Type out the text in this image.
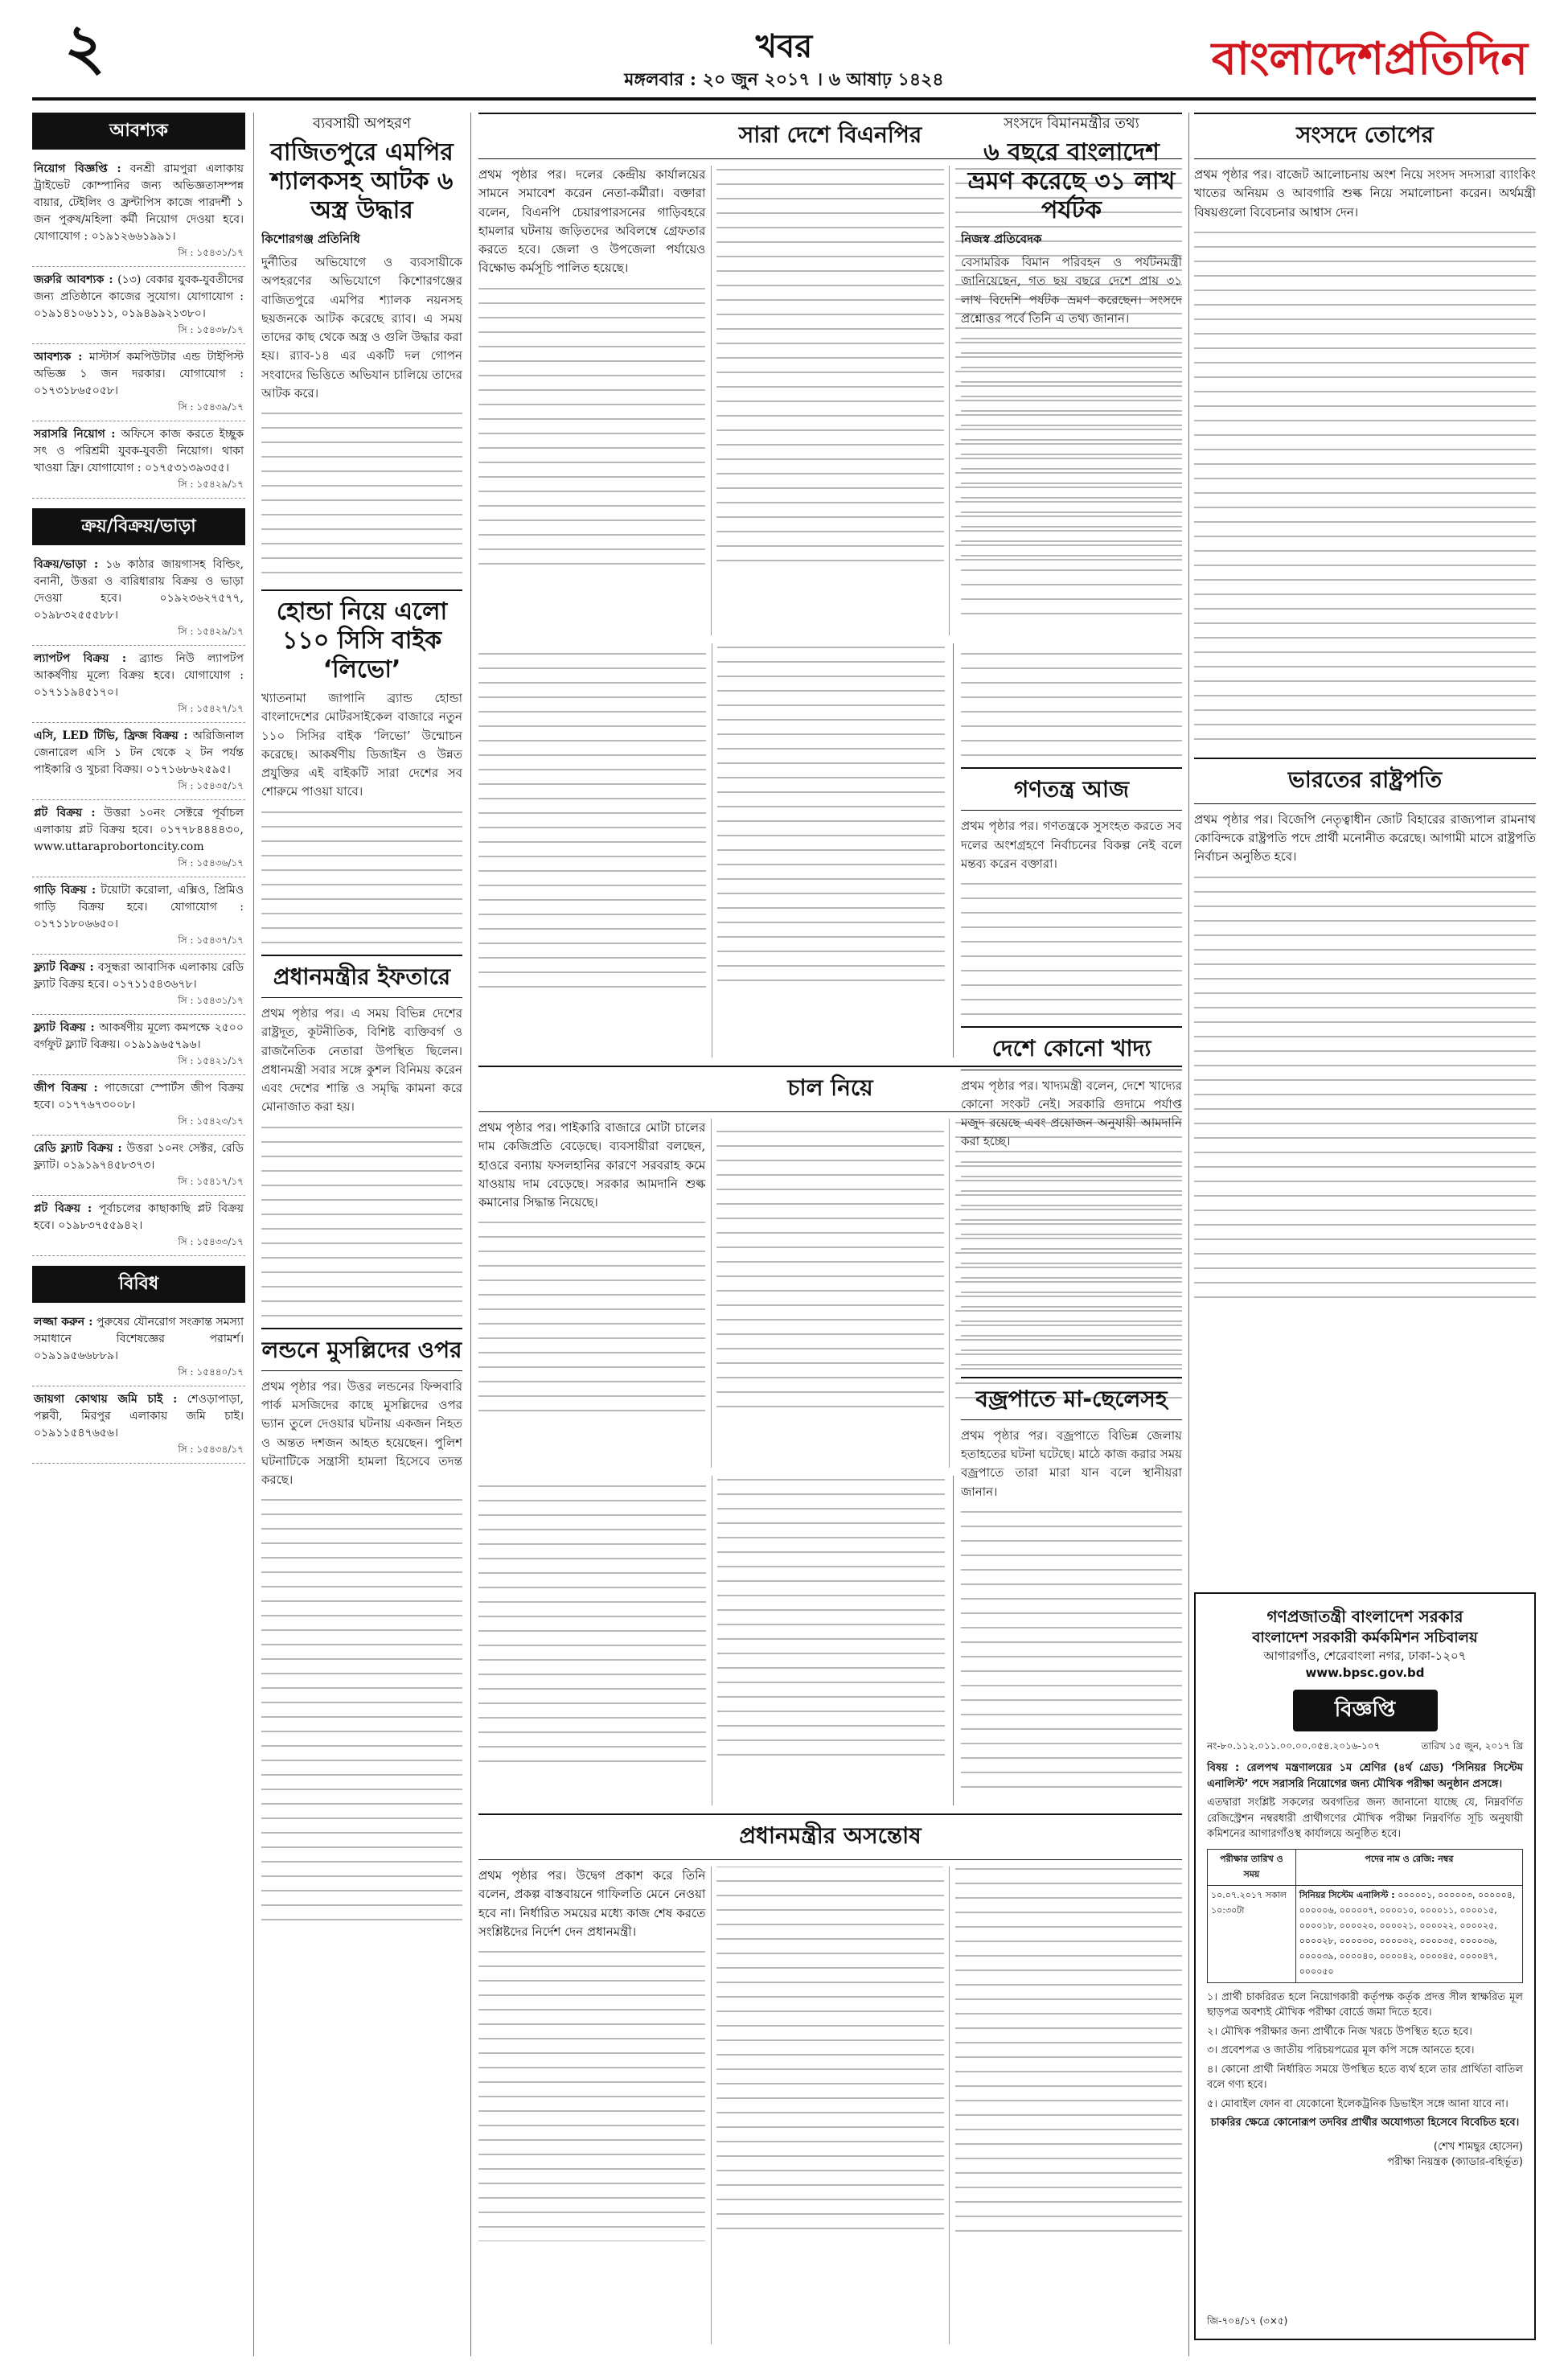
২	খবর
মঙ্গলবার : ২০ জুন ২০১৭ । ৬ আষাঢ় ১৪২৪	বাংলাদেশপ্রতিদিন
আবশ্যক
নিয়োগ বিজ্ঞপ্তি : বনশ্রী রামপুরা এলাকায় ট্রাইভেট কোম্পানির জন্য অভিজ্ঞতাসম্পন্ন বায়ার, টেইলিং ও ফ্রন্টাপিস কাজে পারদর্শী ১ জন পুরুষ/মহিলা কর্মী নিয়োগ দেওয়া হবে। যোগাযোগ : ০১৯১২৬৬১৯৯১।
সি : ১৫৪৩১/১৭
জরুরি আবশ্যক : (১৩) বেকার যুবক-যুবতীদের জন্য প্রতিষ্ঠানে কাজের সুযোগ। যোগাযোগ : ০১৯১৪১০৬১১১, ০১৯৪৯৯২১৩৮০।
সি : ১৫৪৩৮/১৭
আবশ্যক : মাস্টার্স কমপিউটার এন্ড টাইপিস্ট অভিজ্ঞ ১ জন দরকার। যোগাযোগ : ০১৭৩১৮৬৫০৫৮।
সি : ১৫৪৩৯/১৭
সরাসরি নিয়োগ : অফিসে কাজ করতে ইচ্ছুক সৎ ও পরিশ্রমী যুবক-যুবতী নিয়োগ। থাকা খাওয়া ফ্রি। যোগাযোগ : ০১৭৫৩১৩৯৩৫৫।
সি : ১৫৪২৯/১৭
ক্রয়/বিক্রয়/ভাড়া
বিক্রয়/ভাড়া : ১৬ কাঠার জায়গাসহ বিল্ডিং, বনানী, উত্তরা ও বারিধারায় বিক্রয় ও ভাড়া দেওয়া হবে। ০১৯২৩৬২৭৫৭৭, ০১৯৮৩২৫৫৫৮৮।
সি : ১৫৪২৯/১৭
ল্যাপটপ বিক্রয় : ব্র্যান্ড নিউ ল্যাপটপ আকর্ষণীয় মূল্যে বিক্রয় হবে। যোগাযোগ : ০১৭১১৯৪৫১৭০।
সি : ১৫৪২৭/১৭
এসি, LED টিভি, ফ্রিজ বিক্রয় : অরিজিনাল জেনারেল এসি ১ টন থেকে ২ টন পর্যন্ত পাইকারি ও খুচরা বিক্রয়। ০১৭১৬৮৬২৫৯৫।
সি : ১৫৪৩৫/১৭
প্লট বিক্রয় : উত্তরা ১০নং সেক্টরে পূর্বাচল এলাকায় প্লট বিক্রয় হবে। ০১৭৭৮৪৪৪৪৩০, www.uttaraprobortoncity.com
সি : ১৫৪৩৬/১৭
গাড়ি বিক্রয় : টয়োটা করোলা, এক্সিও, প্রিমিও গাড়ি বিক্রয় হবে। যোগাযোগ : ০১৭১১৮০৬৬৫০।
সি : ১৫৪৩৭/১৭
ফ্ল্যাট বিক্রয় : বসুন্ধরা আবাসিক এলাকায় রেডি ফ্ল্যাট বিক্রয় হবে। ০১৭১১৫৪৩৬৭৮।
সি : ১৫৪৩১/১৭
ফ্ল্যাট বিক্রয় : আকর্ষণীয় মূল্যে কমপক্ষে ২৫০০ বর্গফুট ফ্ল্যাট বিক্রয়। ০১৯১৯৬৫৭৯৬।
সি : ১৫৪২১/১৭
জীপ বিক্রয় : পাজেরো স্পোর্টস জীপ বিক্রয় হবে। ০১৭৭৬৭৩০০৮।
সি : ১৫৪২৩/১৭
রেডি ফ্ল্যাট বিক্রয় : উত্তরা ১০নং সেক্টর, রেডি ফ্ল্যাট। ০১৯১৯৭৪৫৮৩৭৩।
সি : ১৫৪১৭/১৭
প্লট বিক্রয় : পূর্বাচলের কাছাকাছি প্লট বিক্রয় হবে। ০১৯৮৩৭৫৫৯৪২।
সি : ১৫৪৩৩/১৭
বিবিধ
লজ্জা করুন : পুরুষের যৌনরোগ সংক্রান্ত সমস্যা সমাধানে বিশেষজ্ঞের পরামর্শ। ০১৯১৯৫৬৬৮৮৯।
সি : ১৫৪৪০/১৭
জায়গা কোথায় জমি চাই : শেওড়াপাড়া, পল্লবী, মিরপুর এলাকায় জমি চাই। ০১৯১১৫৪৭৬৫৬।
সি : ১৫৪৩৪/১৭
ব্যবসায়ী অপহরণ
বাজিতপুরে এমপির শ্যালকসহ আটক ৬ অস্ত্র উদ্ধার
কিশোরগঞ্জ প্রতিনিধি

দুর্নীতির অভিযোগে ও ব্যবসায়ীকে অপহরণের অভিযোগে কিশোরগঞ্জের বাজিতপুরে এমপির শ্যালক নয়নসহ ছয়জনকে আটক করেছে র‍্যাব। এ সময় তাদের কাছ থেকে অস্ত্র ও গুলি উদ্ধার করা হয়। র‍্যাব-১৪ এর একটি দল গোপন সংবাদের ভিত্তিতে অভিযান চালিয়ে তাদের আটক করে।

হোন্ডা নিয়ে এলো ১১০ সিসি বাইক ‘লিভো’

খ্যাতনামা জাপানি ব্র্যান্ড হোন্ডা বাংলাদেশের মোটরসাইকেল বাজারে নতুন ১১০ সিসির বাইক ‘লিভো’ উন্মোচন করেছে। আকর্ষণীয় ডিজাইন ও উন্নত প্রযুক্তির এই বাইকটি সারা দেশের সব শোরুমে পাওয়া যাবে।

প্রধানমন্ত্রীর ইফতারে

প্রথম পৃষ্ঠার পর। এ সময় বিভিন্ন দেশের রাষ্ট্রদূত, কূটনীতিক, বিশিষ্ট ব্যক্তিবর্গ ও রাজনৈতিক নেতারা উপস্থিত ছিলেন। প্রধানমন্ত্রী সবার সঙ্গে কুশল বিনিময় করেন এবং দেশের শান্তি ও সমৃদ্ধি কামনা করে মোনাজাত করা হয়।

লন্ডনে মুসল্লিদের ওপর

প্রথম পৃষ্ঠার পর। উত্তর লন্ডনের ফিন্সবারি পার্ক মসজিদের কাছে মুসল্লিদের ওপর ভ্যান তুলে দেওয়ার ঘটনায় একজন নিহত ও অন্তত দশজন আহত হয়েছেন। পুলিশ ঘটনাটিকে সন্ত্রাসী হামলা হিসেবে তদন্ত করছে।

সারা দেশে বিএনপির

প্রথম পৃষ্ঠার পর। দলের কেন্দ্রীয় কার্যালয়ের সামনে সমাবেশ করেন নেতা-কর্মীরা। বক্তারা বলেন, বিএনপি চেয়ারপারসনের গাড়িবহরে হামলার ঘটনায় জড়িতদের অবিলম্বে গ্রেফতার করতে হবে। জেলা ও উপজেলা পর্যায়েও বিক্ষোভ কর্মসূচি পালিত হয়েছে।

চাল নিয়ে

প্রথম পৃষ্ঠার পর। পাইকারি বাজারে মোটা চালের দাম কেজিপ্রতি বেড়েছে। ব্যবসায়ীরা বলছেন, হাওরে বন্যায় ফসলহানির কারণে সরবরাহ কমে যাওয়ায় দাম বেড়েছে। সরকার আমদানি শুল্ক কমানোর সিদ্ধান্ত নিয়েছে।

প্রধানমন্ত্রীর অসন্তোষ

প্রথম পৃষ্ঠার পর। উদ্বেগ প্রকাশ করে তিনি বলেন, প্রকল্প বাস্তবায়নে গাফিলতি মেনে নেওয়া হবে না। নির্ধারিত সময়ের মধ্যে কাজ শেষ করতে সংশ্লিষ্টদের নির্দেশ দেন প্রধানমন্ত্রী।

গণতন্ত্র আজ

প্রথম পৃষ্ঠার পর। গণতন্ত্রকে সুসংহত করতে সব দলের অংশগ্রহণে নির্বাচনের বিকল্প নেই বলে মন্তব্য করেন বক্তারা।

দেশে কোনো খাদ্য

প্রথম পৃষ্ঠার পর। খাদ্যমন্ত্রী বলেন, দেশে খাদ্যের কোনো সংকট নেই। সরকারি গুদামে পর্যাপ্ত মজুদ রয়েছে এবং প্রয়োজন অনুযায়ী আমদানি করা হচ্ছে।

বজ্রপাতে মা-ছেলেসহ

প্রথম পৃষ্ঠার পর। বজ্রপাতে বিভিন্ন জেলায় হতাহতের ঘটনা ঘটেছে। মাঠে কাজ করার সময় বজ্রপাতে তারা মারা যান বলে স্থানীয়রা জানান।

সংসদে বিমানমন্ত্রীর তথ্য
৬ বছরে বাংলাদেশ ভ্রমণ করেছে ৩১ লাখ পর্যটক
নিজস্ব প্রতিবেদক

বেসামরিক বিমান পরিবহন ও পর্যটনমন্ত্রী জানিয়েছেন, গত ছয় বছরে দেশে প্রায় ৩১ লাখ বিদেশি পর্যটক ভ্রমণ করেছেন। সংসদে প্রশ্নোত্তর পর্বে তিনি এ তথ্য জানান।

সংসদে তোপের

প্রথম পৃষ্ঠার পর। বাজেট আলোচনায় অংশ নিয়ে সংসদ সদস্যরা ব্যাংকিং খাতের অনিয়ম ও আবগারি শুল্ক নিয়ে সমালোচনা করেন। অর্থমন্ত্রী বিষয়গুলো বিবেচনার আশ্বাস দেন।

ভারতের রাষ্ট্রপতি

প্রথম পৃষ্ঠার পর। বিজেপি নেতৃত্বাধীন জোট বিহারের রাজ্যপাল রামনাথ কোবিন্দকে রাষ্ট্রপতি পদে প্রার্থী মনোনীত করেছে। আগামী মাসে রাষ্ট্রপতি নির্বাচন অনুষ্ঠিত হবে।

গণপ্রজাতন্ত্রী বাংলাদেশ সরকার
বাংলাদেশ সরকারী কর্মকমিশন সচিবালয়
আগারগাঁও, শেরেবাংলা নগর, ঢাকা-১২০৭
www.bpsc.gov.bd
বিজ্ঞপ্তি
নং-৮০.১১২.০১১.০০.০০.০৫৪.২০১৬-১০৭	তারিখ ১৫ জুন, ২০১৭ খ্রি
বিষয় : রেলপথ মন্ত্রণালয়ের ১ম শ্রেণির (৪র্থ গ্রেড) ‘সিনিয়র সিস্টেম এনালিস্ট’ পদে সরাসরি নিয়োগের জন্য মৌখিক পরীক্ষা অনুষ্ঠান প্রসঙ্গে।
এতদ্বারা সংশ্লিষ্ট সকলের অবগতির জন্য জানানো যাচ্ছে যে, নিম্নবর্ণিত রেজিস্ট্রেশন নম্বরধারী প্রার্থীগণের মৌখিক পরীক্ষা নিম্নবর্ণিত সূচি অনুযায়ী কমিশনের আগারগাঁওস্থ কার্যালয়ে অনুষ্ঠিত হবে।
পরীক্ষার তারিখ ও সময়	পদের নাম ও রেজি: নম্বর
১০.০৭.২০১৭ সকাল ১০:৩০টা	সিনিয়র সিস্টেম এনালিস্ট : ০০০০০১, ০০০০০৩, ০০০০০৪, ০০০০০৬, ০০০০০৭, ০০০০১০, ০০০০১১, ০০০০১৫, ০০০০১৮, ০০০০২০, ০০০০২১, ০০০০২২, ০০০০২৫, ০০০০২৮, ০০০০৩০, ০০০০৩২, ০০০০৩৫, ০০০০৩৬, ০০০০৩৯, ০০০০৪০, ০০০০৪২, ০০০০৪৫, ০০০০৪৭, ০০০০৫০
১। প্রার্থী চাকরিরত হলে নিয়োগকারী কর্তৃপক্ষ কর্তৃক প্রদত্ত সীল স্বাক্ষরিত মূল ছাড়পত্র অবশ্যই মৌখিক পরীক্ষা বোর্ডে জমা দিতে হবে।
২। মৌখিক পরীক্ষার জন্য প্রার্থীকে নিজ খরচে উপস্থিত হতে হবে।
৩। প্রবেশপত্র ও জাতীয় পরিচয়পত্রের মূল কপি সঙ্গে আনতে হবে।
৪। কোনো প্রার্থী নির্ধারিত সময়ে উপস্থিত হতে ব্যর্থ হলে তার প্রার্থিতা বাতিল বলে গণ্য হবে।
৫। মোবাইল ফোন বা যেকোনো ইলেকট্রনিক ডিভাইস সঙ্গে আনা যাবে না।
চাকরির ক্ষেত্রে কোনোরূপ তদবির প্রার্থীর অযোগ্যতা হিসেবে বিবেচিত হবে।
(শেখ শামছুর হোসেন)
পরীক্ষা নিয়ন্ত্রক (ক্যাডার-বহির্ভূত)
জি-৭০৪/১৭ (৩×৫)
